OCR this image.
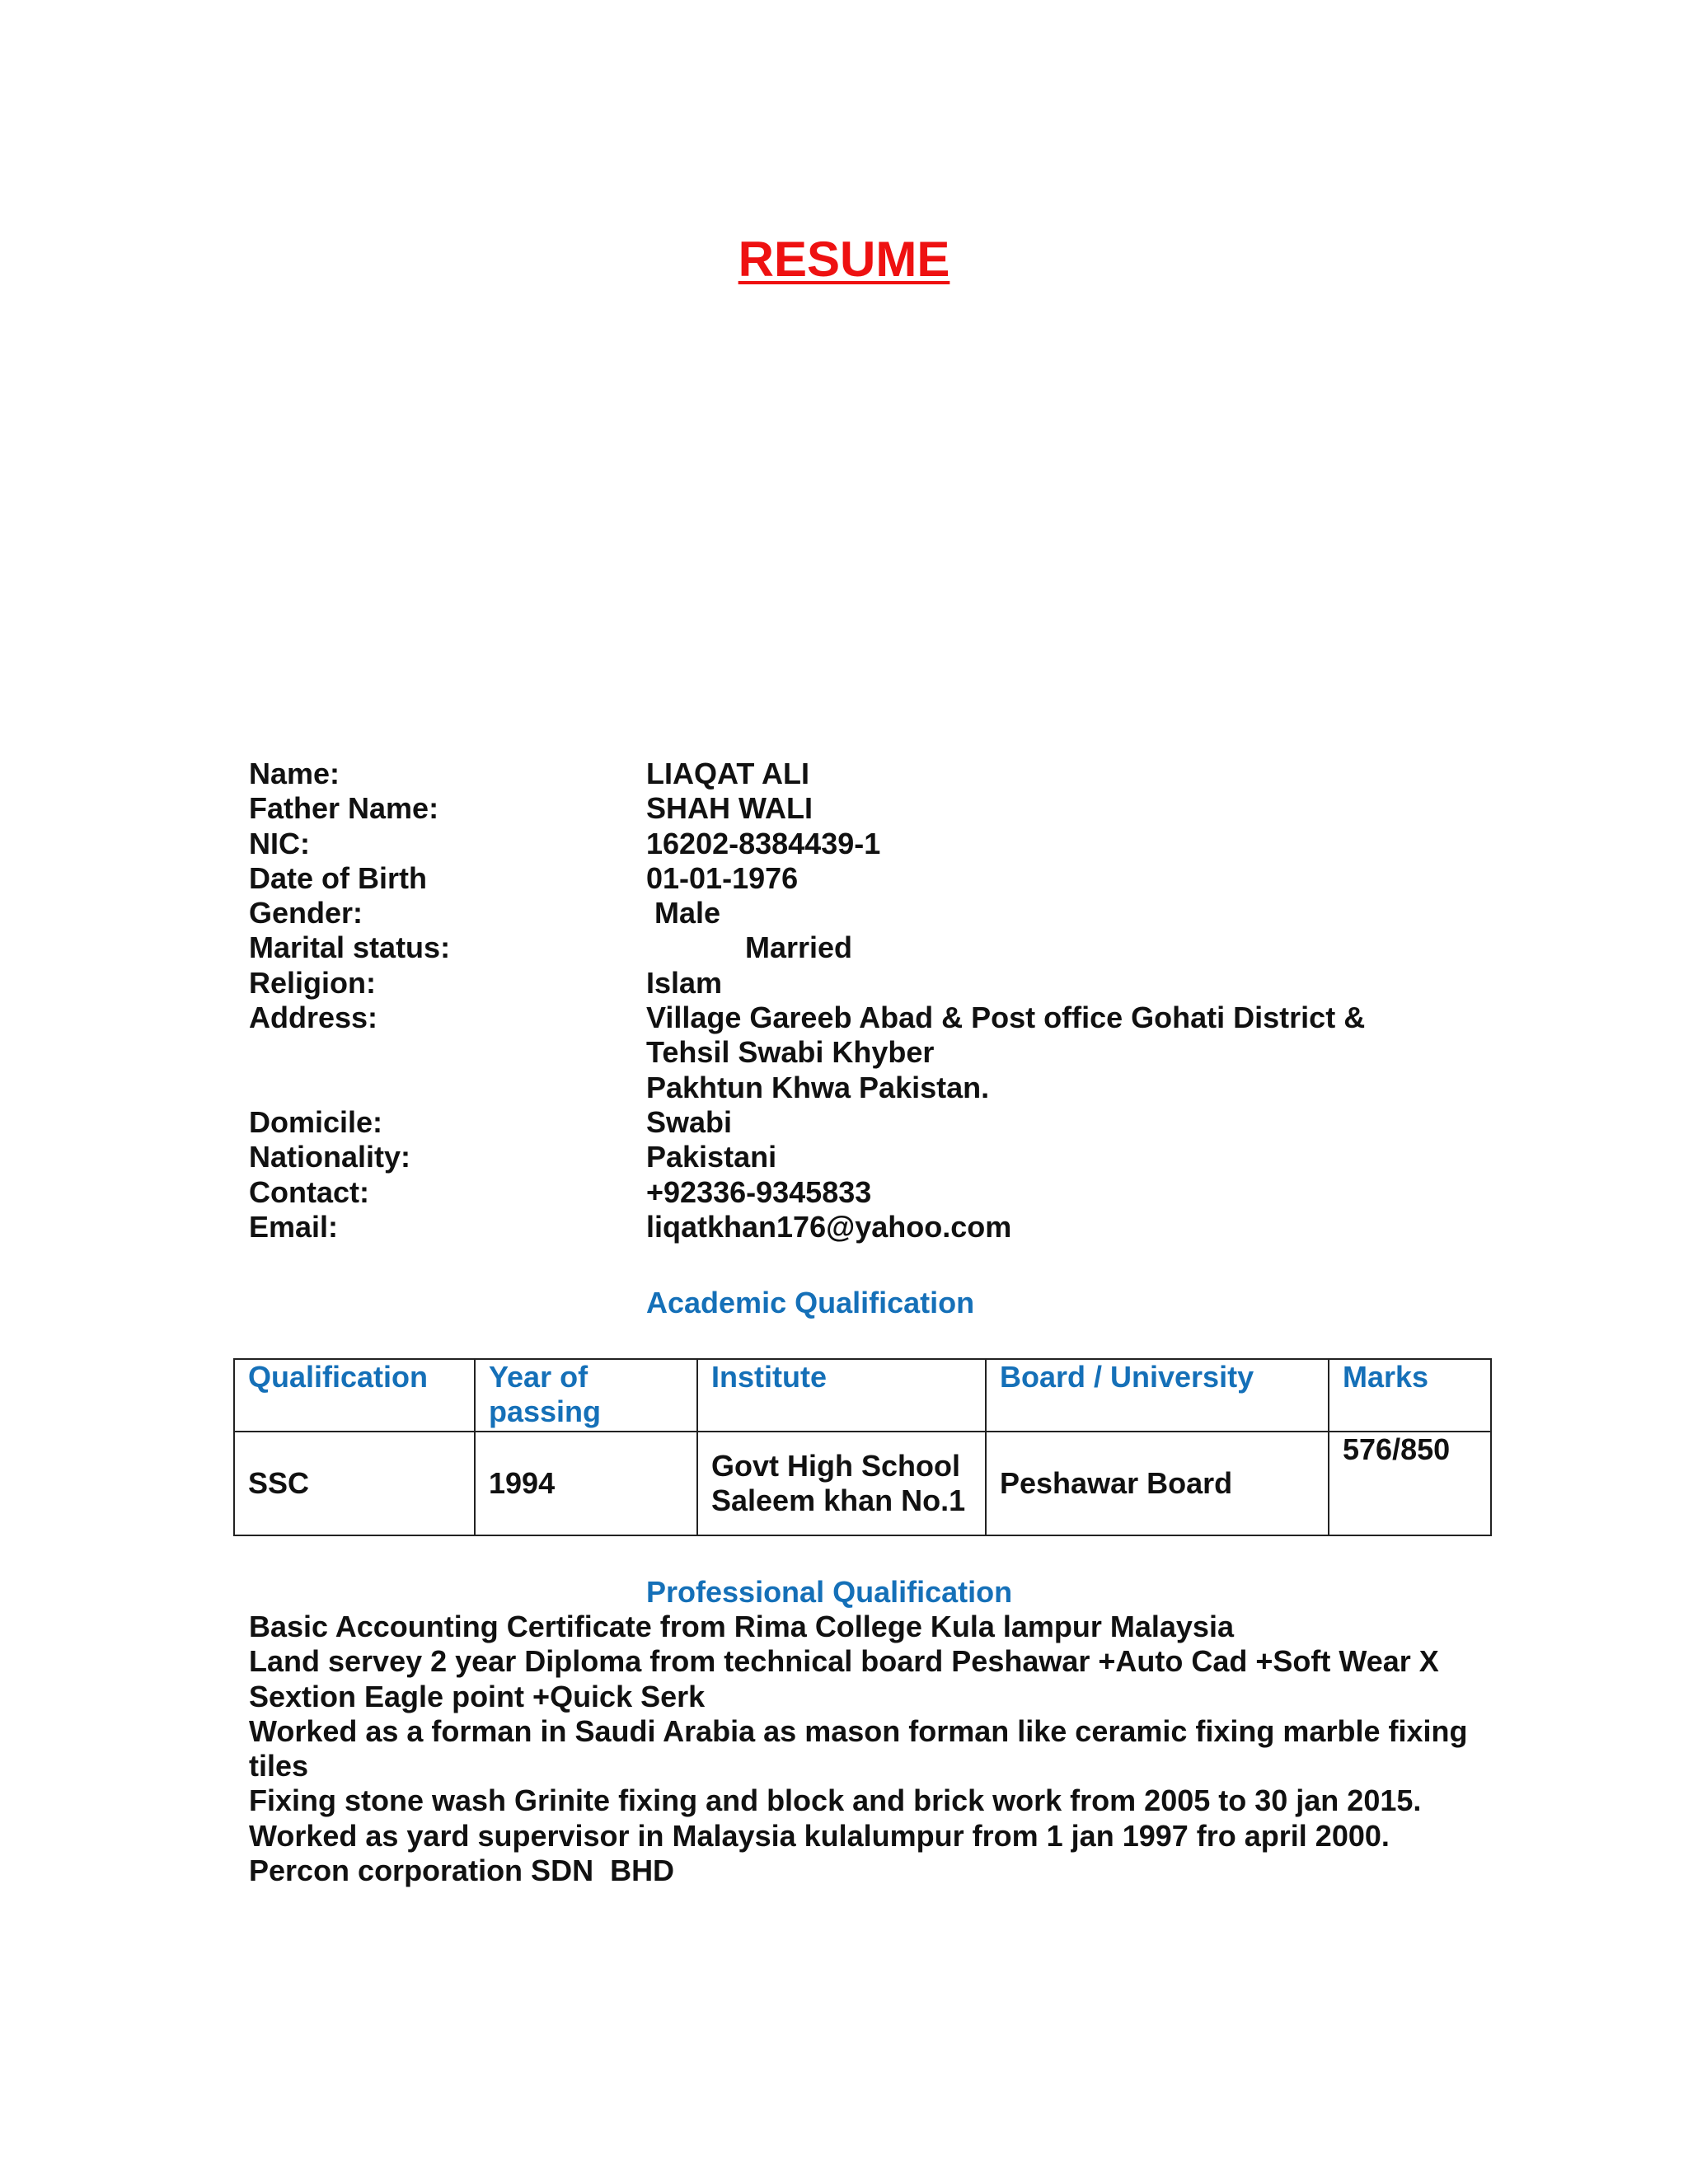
RESUME
Name:	LIAQAT ALI
Father Name:	SHAH WALI
NIC:	16202-8384439-1
Date of Birth	01-01-1976
Gender:	Male
Marital status:	Married
Religion:	Islam
Address:	Village Gareeb Abad & Post office Gohati District &
Tehsil Swabi Khyber
Pakhtun Khwa Pakistan.
Domicile:	Swabi
Nationality:	Pakistani
Contact:	+92336-9345833
Email:	liqatkhan176@yahoo.com
Academic Qualification
Qualification	Year of passing	Institute	Board / University	Marks
SSC	1994	Govt High School Saleem khan No.1	Peshawar Board	576/850
Professional Qualification
Basic Accounting Certificate from Rima College Kula lampur Malaysia
Land servey 2 year Diploma from technical board Peshawar +Auto Cad +Soft Wear X Sextion Eagle point +Quick Serk
Worked as a forman in Saudi Arabia as mason forman like ceramic fixing marble fixing tiles
Fixing stone wash Grinite fixing and block and brick work from 2005 to 30 jan 2015.
Worked as yard supervisor in Malaysia kulalumpur from 1 jan 1997 fro april 2000.
Percon corporation SDN  BHD
